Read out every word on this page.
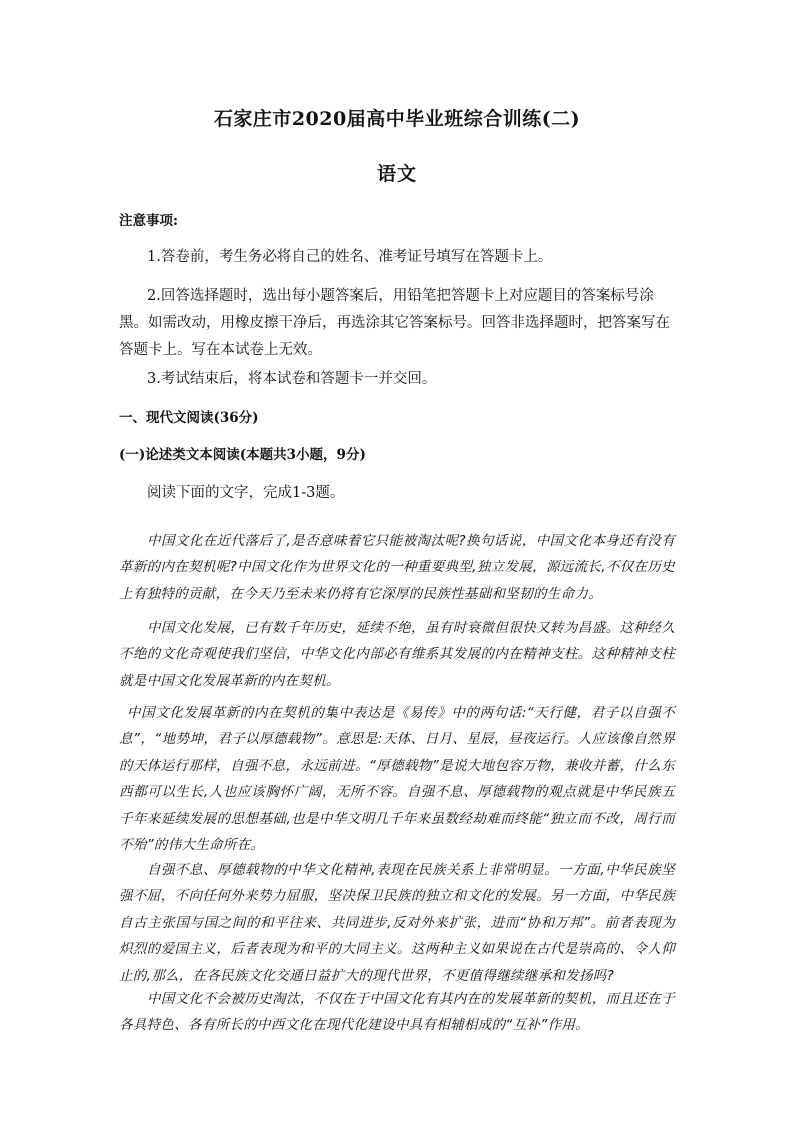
石家庄市2020届高中毕业班综合训练(二)
语文
注意事项:
1.答卷前，考生务必将自己的姓名、准考证号填写在答题卡上。
2.回答选择题时，选出每小题答案后，用铅笔把答题卡上对应题目的答案标号涂黑。如需改动，用橡皮擦干净后，再选涂其它答案标号。回答非选择题时，把答案写在答题卡上。写在本试卷上无效。
3.考试结束后，将本试卷和答题卡一并交回。
一、现代文阅读(36分)
(一)论述类文本阅读(本题共3小题，9分)
阅读下面的文字，完成1-3题。

中国文化在近代落后了,是否意味着它只能被淘汰呢?换句话说，中国文化本身还有没有革新的内在契机呢?中国文化作为世界文化的一种重要典型,独立发展，源远流长,不仅在历史上有独特的贡献，在今天乃至未来仍将有它深厚的民族性基础和坚韧的生命力。

中国文化发展，已有数千年历史，延续不绝，虽有时衰微但很快又转为昌盛。这种经久不绝的文化奇观使我们坚信，中华文化内部必有维系其发展的内在精神支柱。这种精神支柱就是中国文化发展革新的内在契机。

中国文化发展革新的内在契机的集中表达是《易传》中的两句话:“天行健，君子以自强不息”，“地势坤，君子以厚德载物”。意思是:天体、日月、星辰，昼夜运行。人应该像自然界的天体运行那样，自强不息，永远前进。“厚德载物”是说大地包容万物，兼收并蓄，什么东西都可以生长,人也应该胸怀广阔，无所不容。自强不息、厚德载物的观点就是中华民族五千年来延续发展的思想基础,也是中华文明几千年来虽数经劫难而终能“独立而不改，周行而不殆”的伟大生命所在。

自强不息、厚德载物的中华文化精神,表现在民族关系上非常明显。一方面,中华民族坚强不屈，不向任何外来势力屈服，坚决保卫民族的独立和文化的发展。另一方面，中华民族自古主张国与国之间的和平往来、共同进步,反对外来扩张，进而“协和万邦”。前者表现为炽烈的爱国主义，后者表现为和平的大同主义。这两种主义如果说在古代是崇高的、令人仰止的,那么，在各民族文化交通日益扩大的现代世界，不更值得继续继承和发扬吗?

中国文化不会被历史淘汰，不仅在于中国文化有其内在的发展革新的契机，而且还在于各具特色、各有所长的中西文化在现代化建设中具有相辅相成的“互补”作用。
